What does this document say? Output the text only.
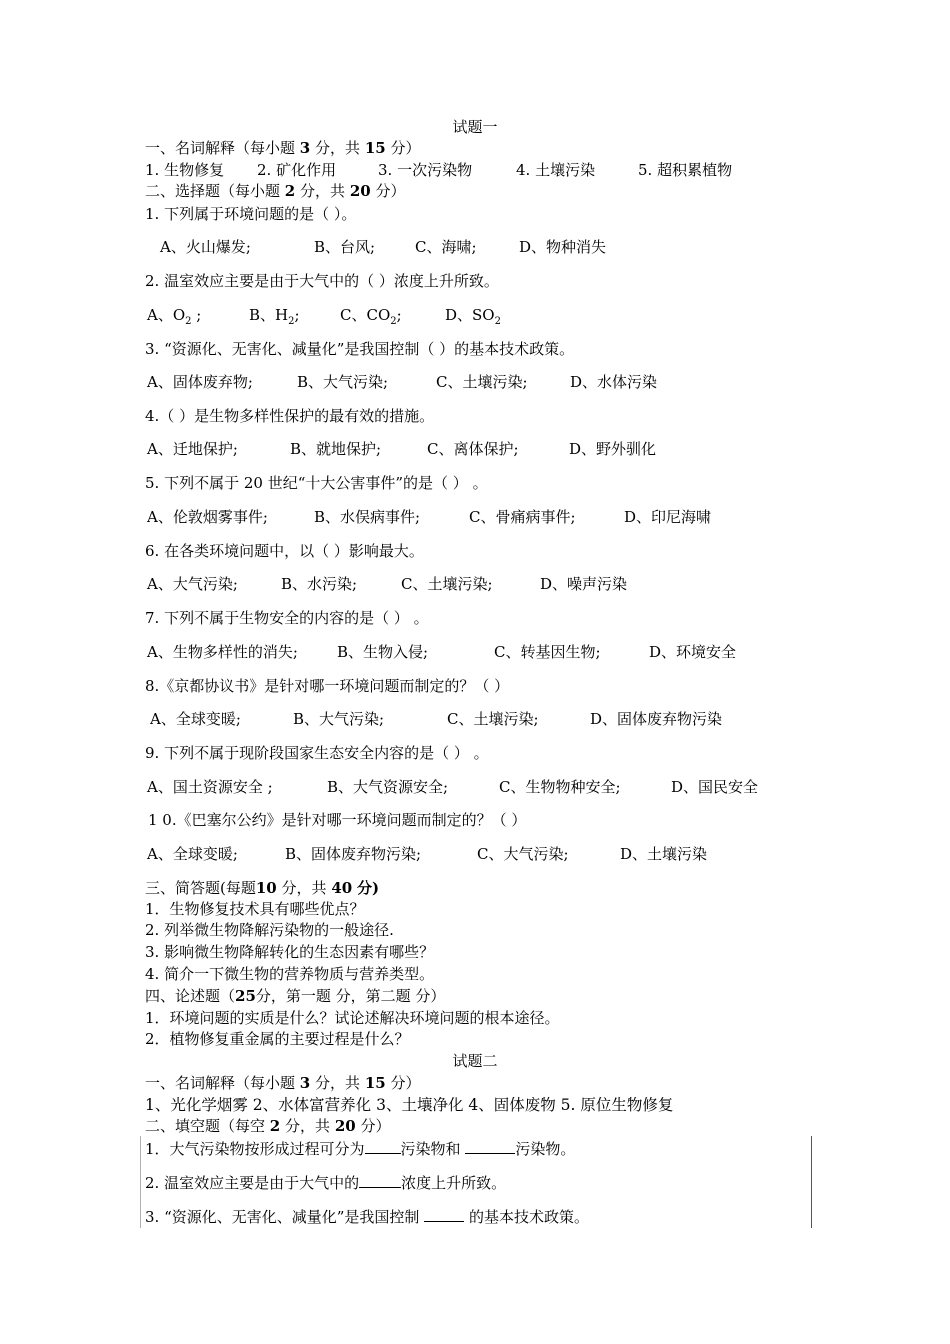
试题一
一、名词解释（每小题 3 分，共 15 分）
1. 生物修复 2. 矿化作用	3. 一次污染物	4. 土壤污染	5. 超积累植物
二、选择题（每小题 2 分，共 20 分）
1. 下列属于环境问题的是（ ）。
A、火山爆发;	B、台风;	C、海啸;	D、物种消失
2. 温室效应主要是由于大气中的（ ）浓度上升所致。
A、$O_2$ ;	B、$H_2$;	C、$CO_2$;	D、$SO_2$
3. “资源化、无害化、减量化”是我国控制（ ）的基本技术政策。
A、固体废弃物;	B、大气污染;	C、土壤污染;	D、水体污染
4.（ ）是生物多样性保护的最有效的措施。
A、迁地保护;	B、就地保护;	C、离体保护;	D、野外驯化
5. 下列不属于 20 世纪“十大公害事件”的是（ ） 。
A、伦敦烟雾事件;	B、水俣病事件;	C、骨痛病事件;	D、印尼海啸
6. 在各类环境问题中，以（ ）影响最大。
A、大气污染;	B、水污染;	C、土壤污染;	D、噪声污染
7. 下列不属于生物安全的内容的是（ ） 。
A、生物多样性的消失;	B、生物入侵;	C、转基因生物;	D、环境安全
8.《京都协议书》是针对哪一环境问题而制定的？（ ）
A、全球变暖;	B、大气污染;	C、土壤污染;	D、固体废弃物污染
9. 下列不属于现阶段国家生态安全内容的是（ ） 。
A、国土资源安全 ;	B、大气资源安全;	C、生物物种安全;	D、国民安全
1 0.《巴塞尔公约》是针对哪一环境问题而制定的？（ ）
A、全球变暖;	B、固体废弃物污染;	C、大气污染;	D、土壤污染
三、简答题(每题10 分，共 40 分)
1．生物修复技术具有哪些优点？
2. 列举微生物降解污染物的一般途径.
3. 影响微生物降解转化的生态因素有哪些？
4. 简介一下微生物的营养物质与营养类型。
四、论述题（25分，第一题 分，第二题 分）
1．环境问题的实质是什么？试论述解决环境问题的根本途径。
2．植物修复重金属的主要过程是什么？
试题二
一、名词解释（每小题 3 分，共 15 分）
1、光化学烟雾 2、水体富营养化 3、土壤净化 4、固体废物 5. 原位生物修复
二、填空题（每空 2 分，共 20 分）
1．大气污染物按形成过程可分为 污染物和	污染物。
2. 温室效应主要是由于大气中的	浓度上升所致。
3. “资源化、无害化、减量化”是我国控制	的基本技术政策。
